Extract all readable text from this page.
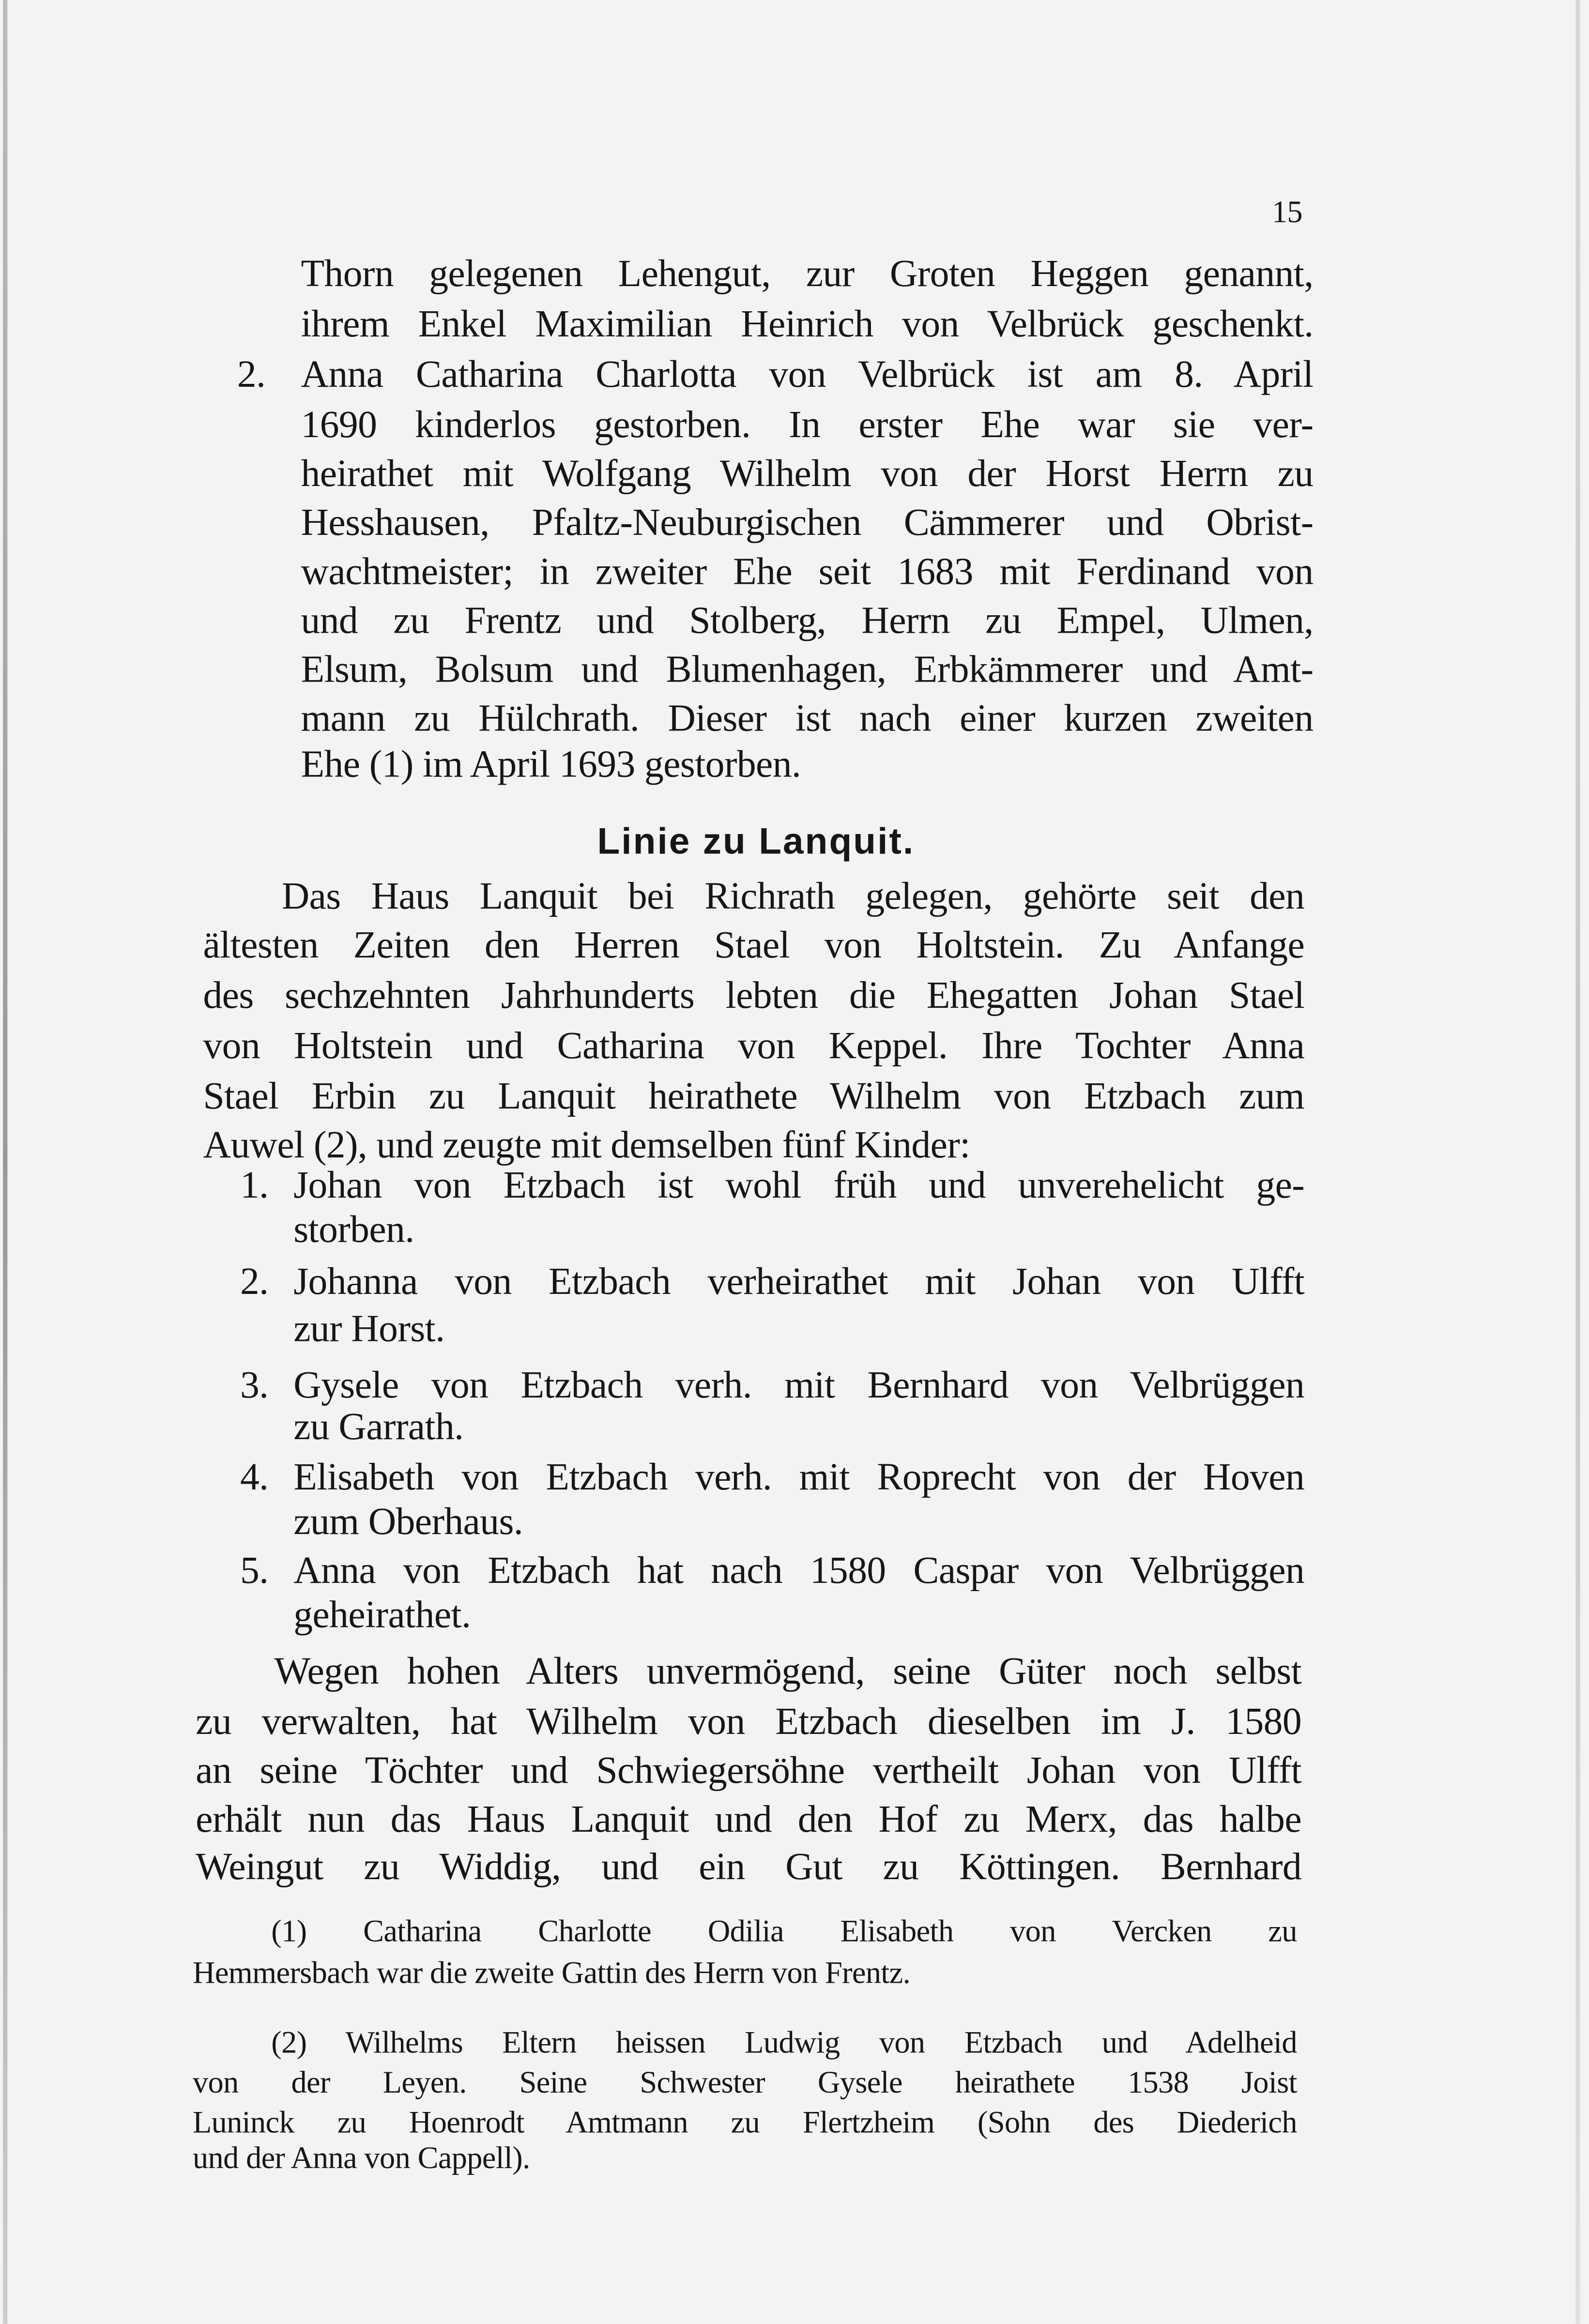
15
Thorn gelegenen Lehengut, zur Groten Heggen genannt,
ihrem Enkel Maximilian Heinrich von Velbrück geschenkt.
Anna Catharina Charlotta von Velbrück ist am 8. April
1690 kinderlos gestorben. In erster Ehe war sie ver-
heirathet mit Wolfgang Wilhelm von der Horst Herrn zu
Hesshausen, Pfaltz-Neuburgischen Cämmerer und Obrist-
wachtmeister; in zweiter Ehe seit 1683 mit Ferdinand von
und zu Frentz und Stolberg, Herrn zu Empel, Ulmen,
Elsum, Bolsum und Blumenhagen, Erbkämmerer und Amt-
mann zu Hülchrath. Dieser ist nach einer kurzen zweiten
Ehe (1) im April 1693 gestorben.
2.
Linie zu Lanquit.
Das Haus Lanquit bei Richrath gelegen, gehörte seit den
ältesten Zeiten den Herren Stael von Holtstein. Zu Anfange
des sechzehnten Jahrhunderts lebten die Ehegatten Johan Stael
von Holtstein und Catharina von Keppel. Ihre Tochter Anna
Stael Erbin zu Lanquit heirathete Wilhelm von Etzbach zum
Auwel (2), und zeugte mit demselben fünf Kinder:
1.	Johan von Etzbach ist wohl früh und unverehelicht ge-
storben.
2.	Johanna von Etzbach verheirathet mit Johan von Ulfft
zur Horst.
3.	Gysele von Etzbach verh. mit Bernhard von Velbrüggen
zu Garrath.
4.	Elisabeth von Etzbach verh. mit Roprecht von der Hoven
zum Oberhaus.
5.	Anna von Etzbach hat nach 1580 Caspar von Velbrüggen
geheirathet.
Wegen hohen Alters unvermögend, seine Güter noch selbst
zu verwalten, hat Wilhelm von Etzbach dieselben im J. 1580
an seine Töchter und Schwiegersöhne vertheilt Johan von Ulfft
erhält nun das Haus Lanquit und den Hof zu Merx, das halbe
Weingut zu Widdig, und ein Gut zu Köttingen. Bernhard
(1) Catharina Charlotte Odilia Elisabeth von Vercken zu
Hemmersbach war die zweite Gattin des Herrn von Frentz.
(2) Wilhelms Eltern heissen Ludwig von Etzbach und Adelheid
von der Leyen. Seine Schwester Gysele heirathete 1538 Joist
Luninck zu Hoenrodt Amtmann zu Flertzheim (Sohn des Diederich
und der Anna von Cappell).
